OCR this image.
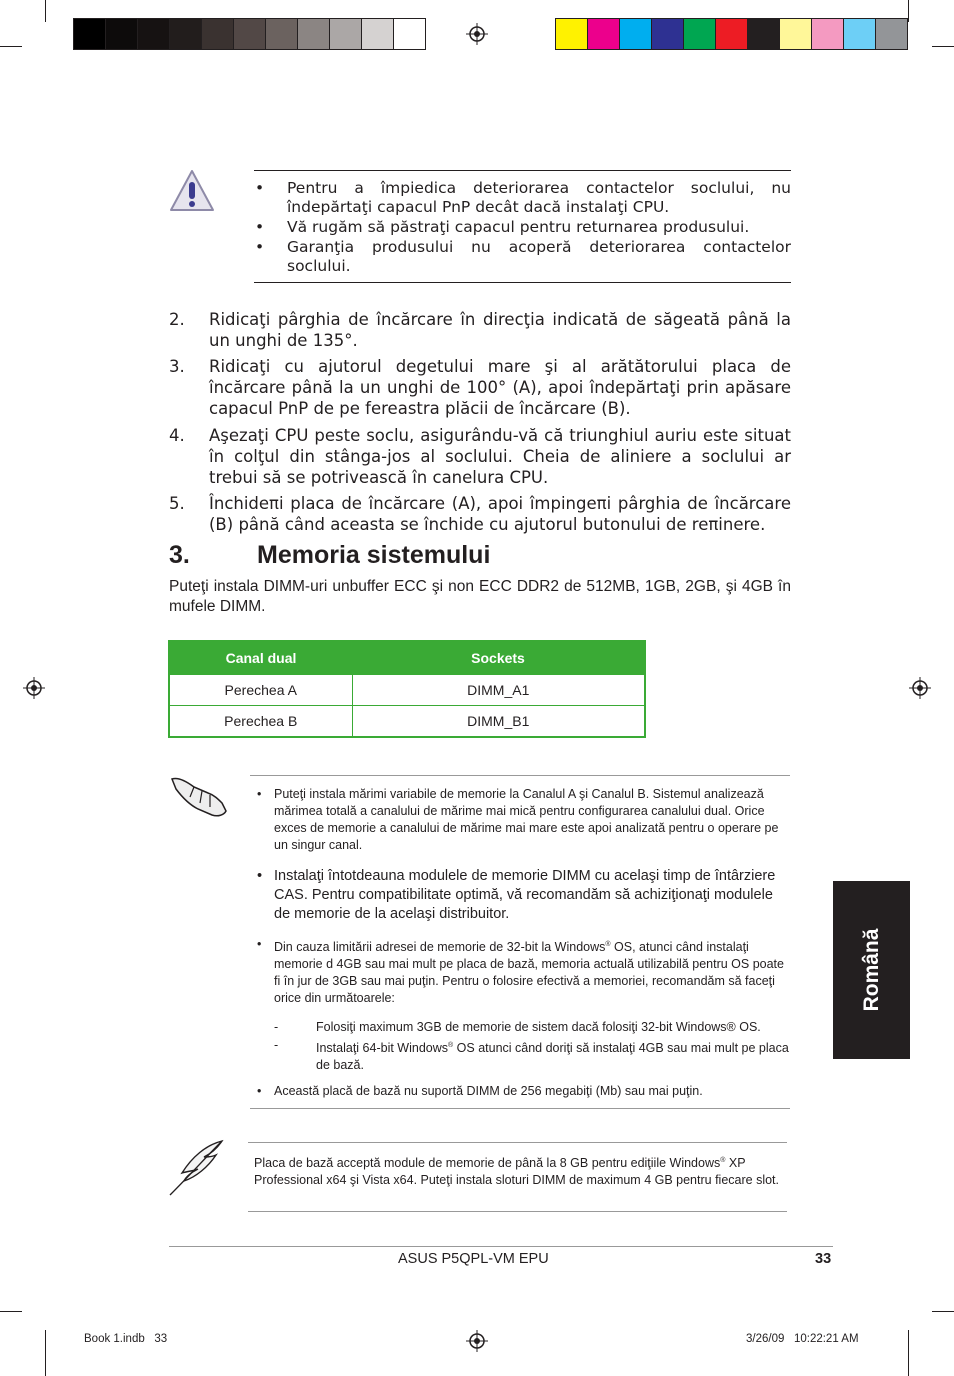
• Pentru a împiedica deteriorarea contactelor soclului, nu îndepărtaţi capacul PnP decât dacă instalaţi CPU.
• Vă rugăm să păstraţi capacul pentru returnarea produsului.
• Garanţia produsului nu acoperă deteriorarea contactelor soclului.
2. Ridicaţi pârghia de încărcare în direcţia indicată de săgeată până la un unghi de 135°.
3. Ridicaţi cu ajutorul degetului mare şi al arătătorului placa de încărcare până la un unghi de 100° (A), apoi îndepărtaţi prin apăsare capacul PnP de pe fereastra plăcii de încărcare (B).
4. Aşezaţi CPU peste soclu, asigurându-vă că triunghiul auriu este situat în colţul din stânga-jos al soclului. Cheia de aliniere a soclului ar trebui să se potrivească în canelura CPU.
5. Închideπi placa de încărcare (A), apoi împingeπi pârghia de încărcare (B) până când aceasta se închide cu ajutorul butonului de reπinere.
3.	Memoria sistemului
Puteţi instala DIMM-uri unbuffer ECC şi non ECC DDR2 de 512MB, 1GB, 2GB, şi 4GB în mufele DIMM.
Canal dual	Sockets
Perechea A	DIMM_A1
Perechea B	DIMM_B1
• Puteţi instala mărimi variabile de memorie la Canalul A şi Canalul B. Sistemul analizează mărimea totală a canalului de mărime mai mică pentru configurarea canalului dual. Orice exces de memorie a canalului de mărime mai mare este apoi analizată pentru o operare pe un singur canal.
• Instalaţi întotdeauna modulele de memorie DIMM cu acelaşi timp de întârziere CAS. Pentru compatibilitate optimă, vă recomandăm să achiziţionaţi modulele de memorie de la acelaşi distribuitor.
• Din cauza limitării adresei de memorie de 32-bit la Windows® OS, atunci când instalaţi memorie d 4GB sau mai mult pe placa de bază, memoria actuală utilizabilă pentru OS poate fi în jur de 3GB sau mai puţin. Pentru o folosire efectivă a memoriei, recomandăm să faceţi orice din următoarele:
-	Folosiţi maximum 3GB de memorie de sistem dacă folosiţi 32-bit Windows® OS.
-	Instalaţi 64-bit Windows® OS atunci când doriţi să instalaţi 4GB sau mai mult pe placa de bază.
• Această placă de bază nu suportă DIMM de 256 megabiţi (Mb) sau mai puţin.
Placa de bază acceptă module de memorie de până la 8 GB pentru ediţiile Windows® XP Professional x64 şi Vista x64. Puteţi instala sloturi DIMM de maximum 4 GB pentru fiecare slot.
Română
ASUS P5QPL-VM EPU	33
Book 1.indb   33	3/26/09   10:22:21 AM
